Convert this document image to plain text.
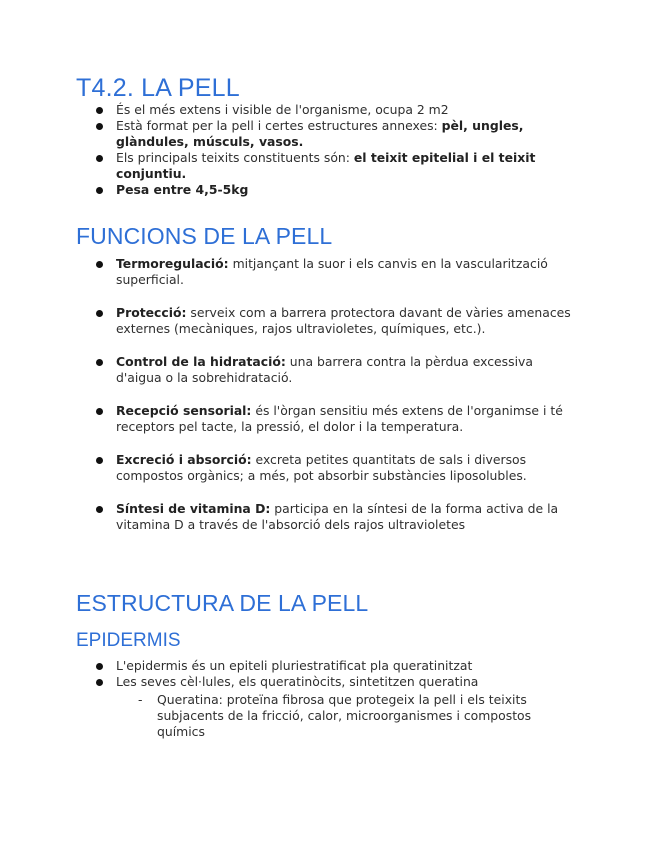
T4.2. LA PELL
És el més extens i visible de l'organisme, ocupa 2 m2
Està format per la pell i certes estructures annexes: pèl, ungles, glàndules, músculs, vasos.
Els principals teixits constituents són: el teixit epitelial i el teixit conjuntiu.
Pesa entre 4,5-5kg
FUNCIONS DE LA PELL
Termoregulació: mitjançant la suor i els canvis en la vascularització superficial.
Protecció: serveix com a barrera protectora davant de vàries amenaces externes (mecàniques, rajos ultravioletes, químiques, etc.).
Control de la hidratació: una barrera contra la pèrdua excessiva d'aigua o la sobrehidratació.
Recepció sensorial: és l'òrgan sensitiu més extens de l'organimse i té receptors pel tacte, la pressió, el dolor i la temperatura.
Excreció i absorció: excreta petites quantitats de sals i diversos compostos orgànics; a més, pot absorbir substàncies liposolubles.
Síntesi de vitamina D: participa en la síntesi de la forma activa de la vitamina D a través de l'absorció dels rajos ultravioletes
ESTRUCTURA DE LA PELL
EPIDERMIS
L'epidermis és un epiteli pluriestratificat pla queratinitzat
Les seves cèl·lules, els queratinòcits, sintetitzen queratina
- Queratina: proteïna fibrosa que protegeix la pell i els teixits subjacents de la fricció, calor, microorganismes i compostos químics
